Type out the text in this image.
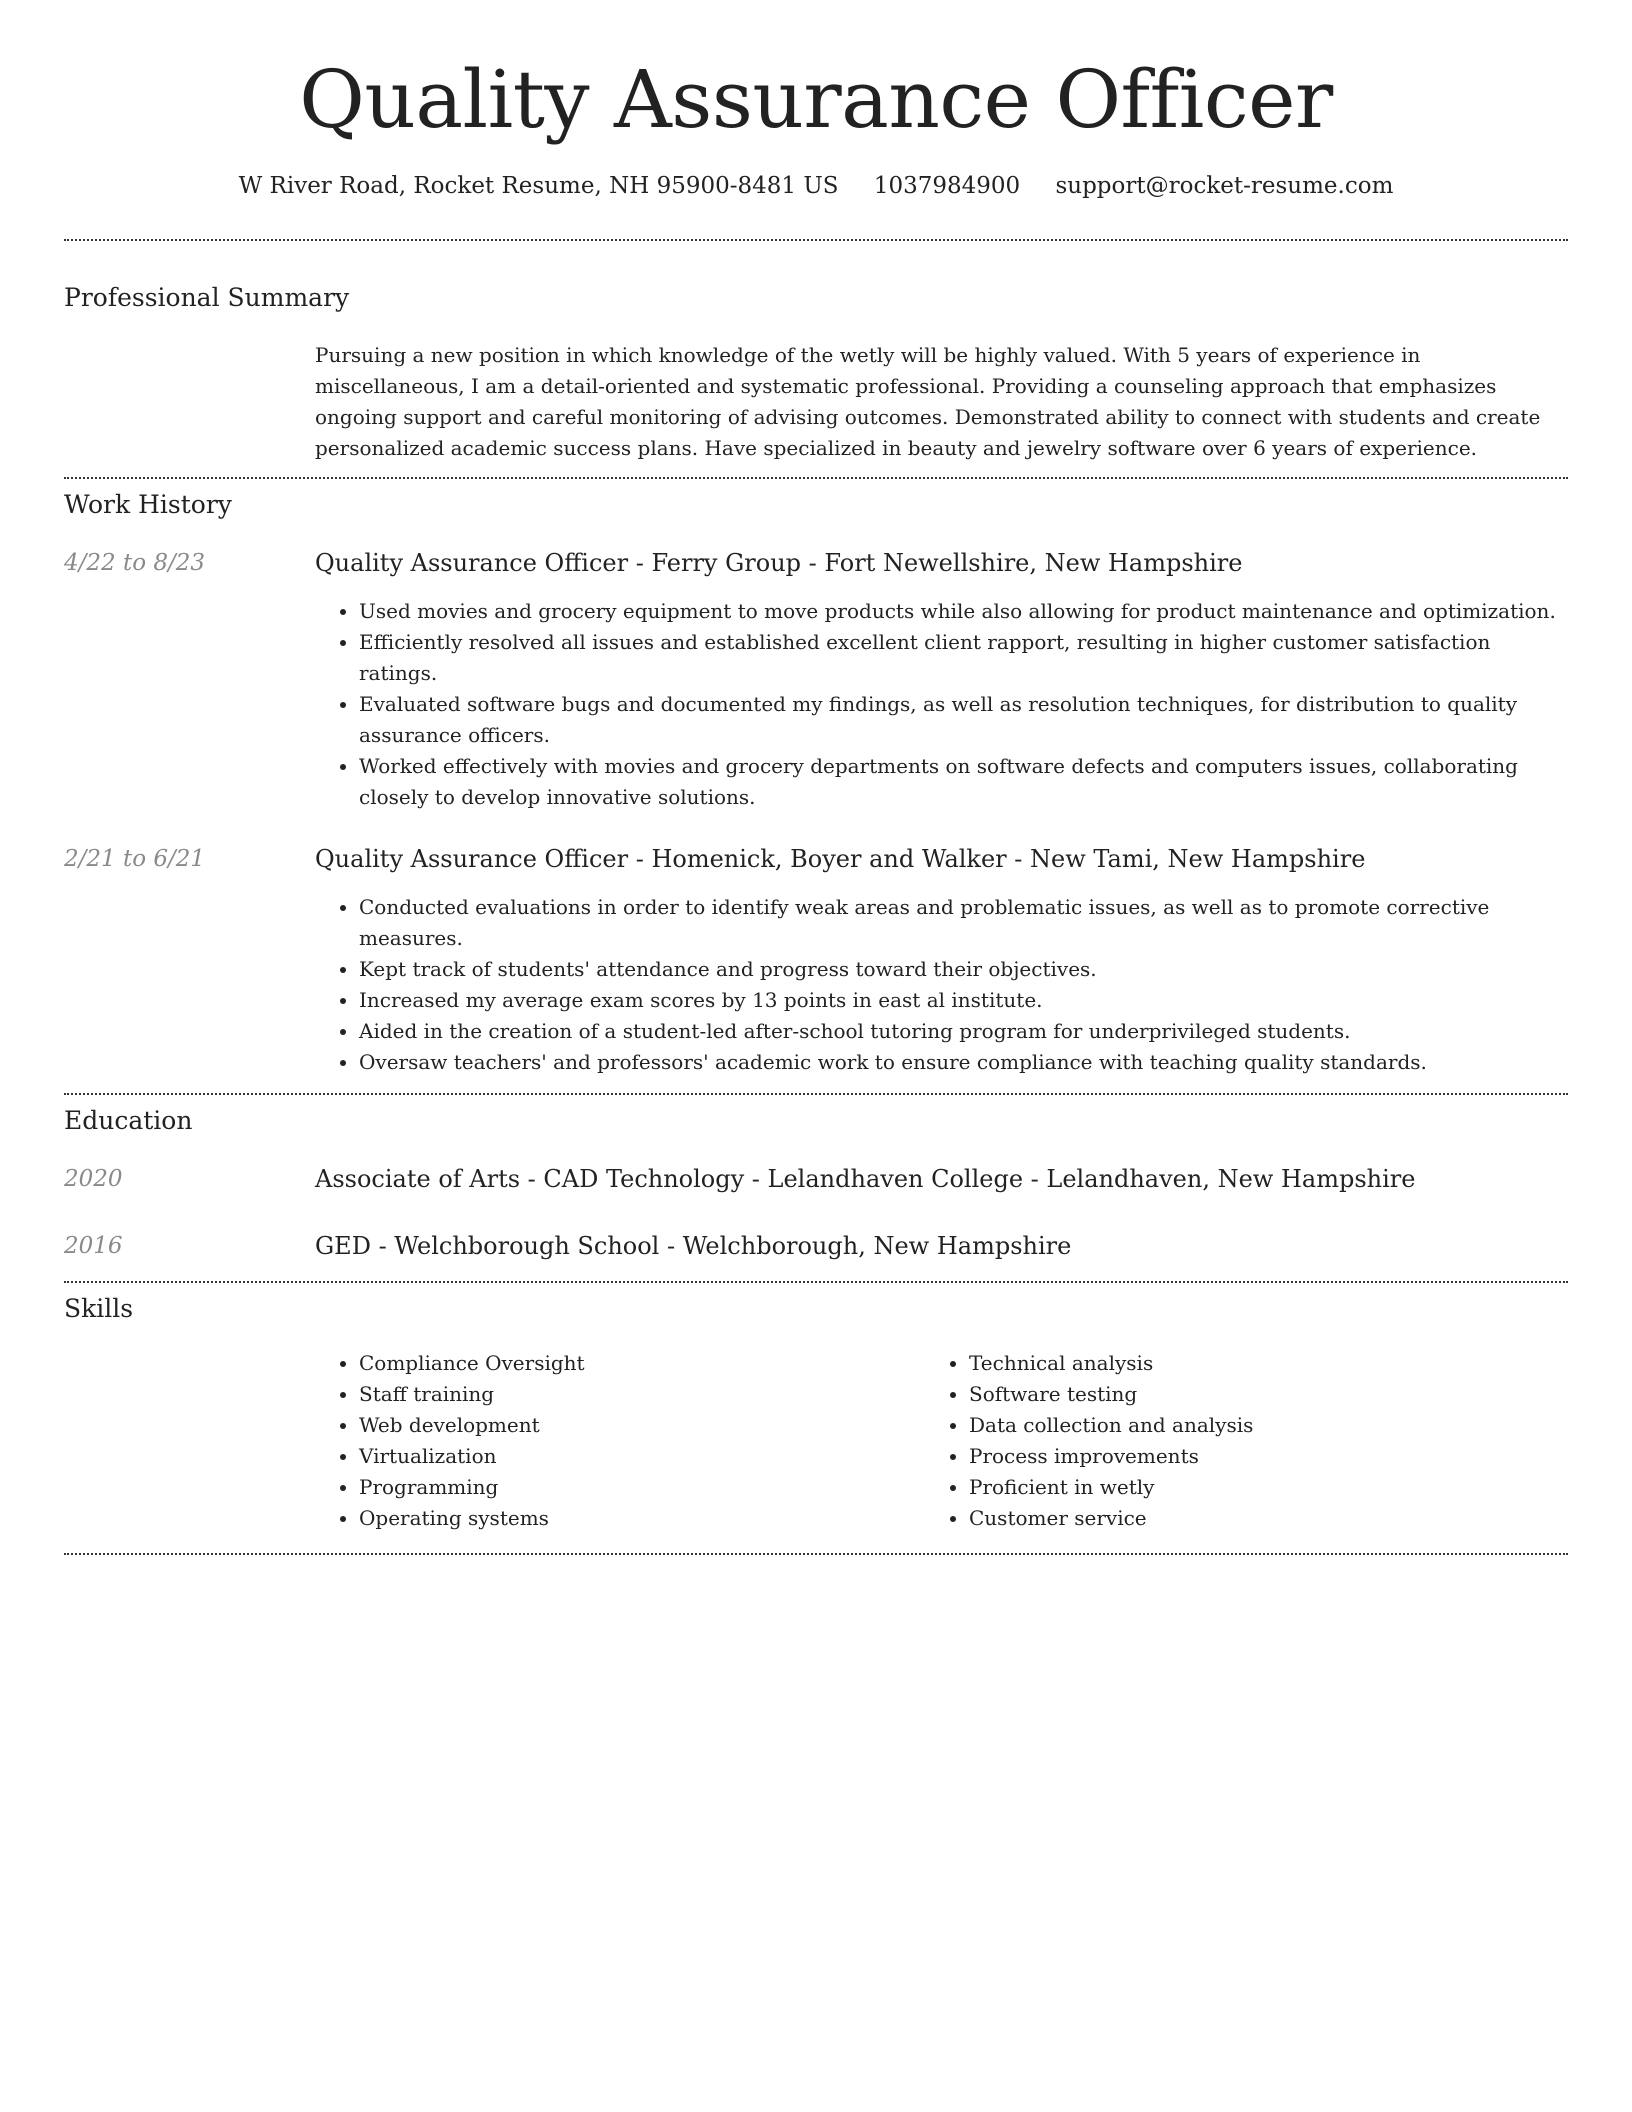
Quality Assurance Officer
W River Road, Rocket Resume, NH 95900-8481 US 1037984900 support@rocket-resume.com
Professional Summary

Pursuing a new position in which knowledge of the wetly will be highly valued. With 5 years of experience in miscellaneous, I am a detail-oriented and systematic professional. Providing a counseling approach that emphasizes ongoing support and careful monitoring of advising outcomes. Demonstrated ability to connect with students and create personalized academic success plans. Have specialized in beauty and jewelry software over 6 years of experience.

Work History
4/22 to 8/23	Quality Assurance Officer - Ferry Group - Fort Newellshire, New Hampshire
• Used movies and grocery equipment to move products while also allowing for product maintenance and optimization.
• Efficiently resolved all issues and established excellent client rapport, resulting in higher customer satisfaction ratings.
• Evaluated software bugs and documented my findings, as well as resolution techniques, for distribution to quality assurance officers.
• Worked effectively with movies and grocery departments on software defects and computers issues, collaborating closely to develop innovative solutions.
2/21 to 6/21	Quality Assurance Officer - Homenick, Boyer and Walker - New Tami, New Hampshire
• Conducted evaluations in order to identify weak areas and problematic issues, as well as to promote corrective measures.
• Kept track of students' attendance and progress toward their objectives.
• Increased my average exam scores by 13 points in east al institute.
• Aided in the creation of a student-led after-school tutoring program for underprivileged students.
• Oversaw teachers' and professors' academic work to ensure compliance with teaching quality standards.
Education
2020	Associate of Arts - CAD Technology - Lelandhaven College - Lelandhaven, New Hampshire
2016	GED - Welchborough School - Welchborough, New Hampshire
Skills
• Compliance Oversight
• Staff training
• Web development
• Virtualization
• Programming
• Operating systems
• Technical analysis
• Software testing
• Data collection and analysis
• Process improvements
• Proficient in wetly
• Customer service
